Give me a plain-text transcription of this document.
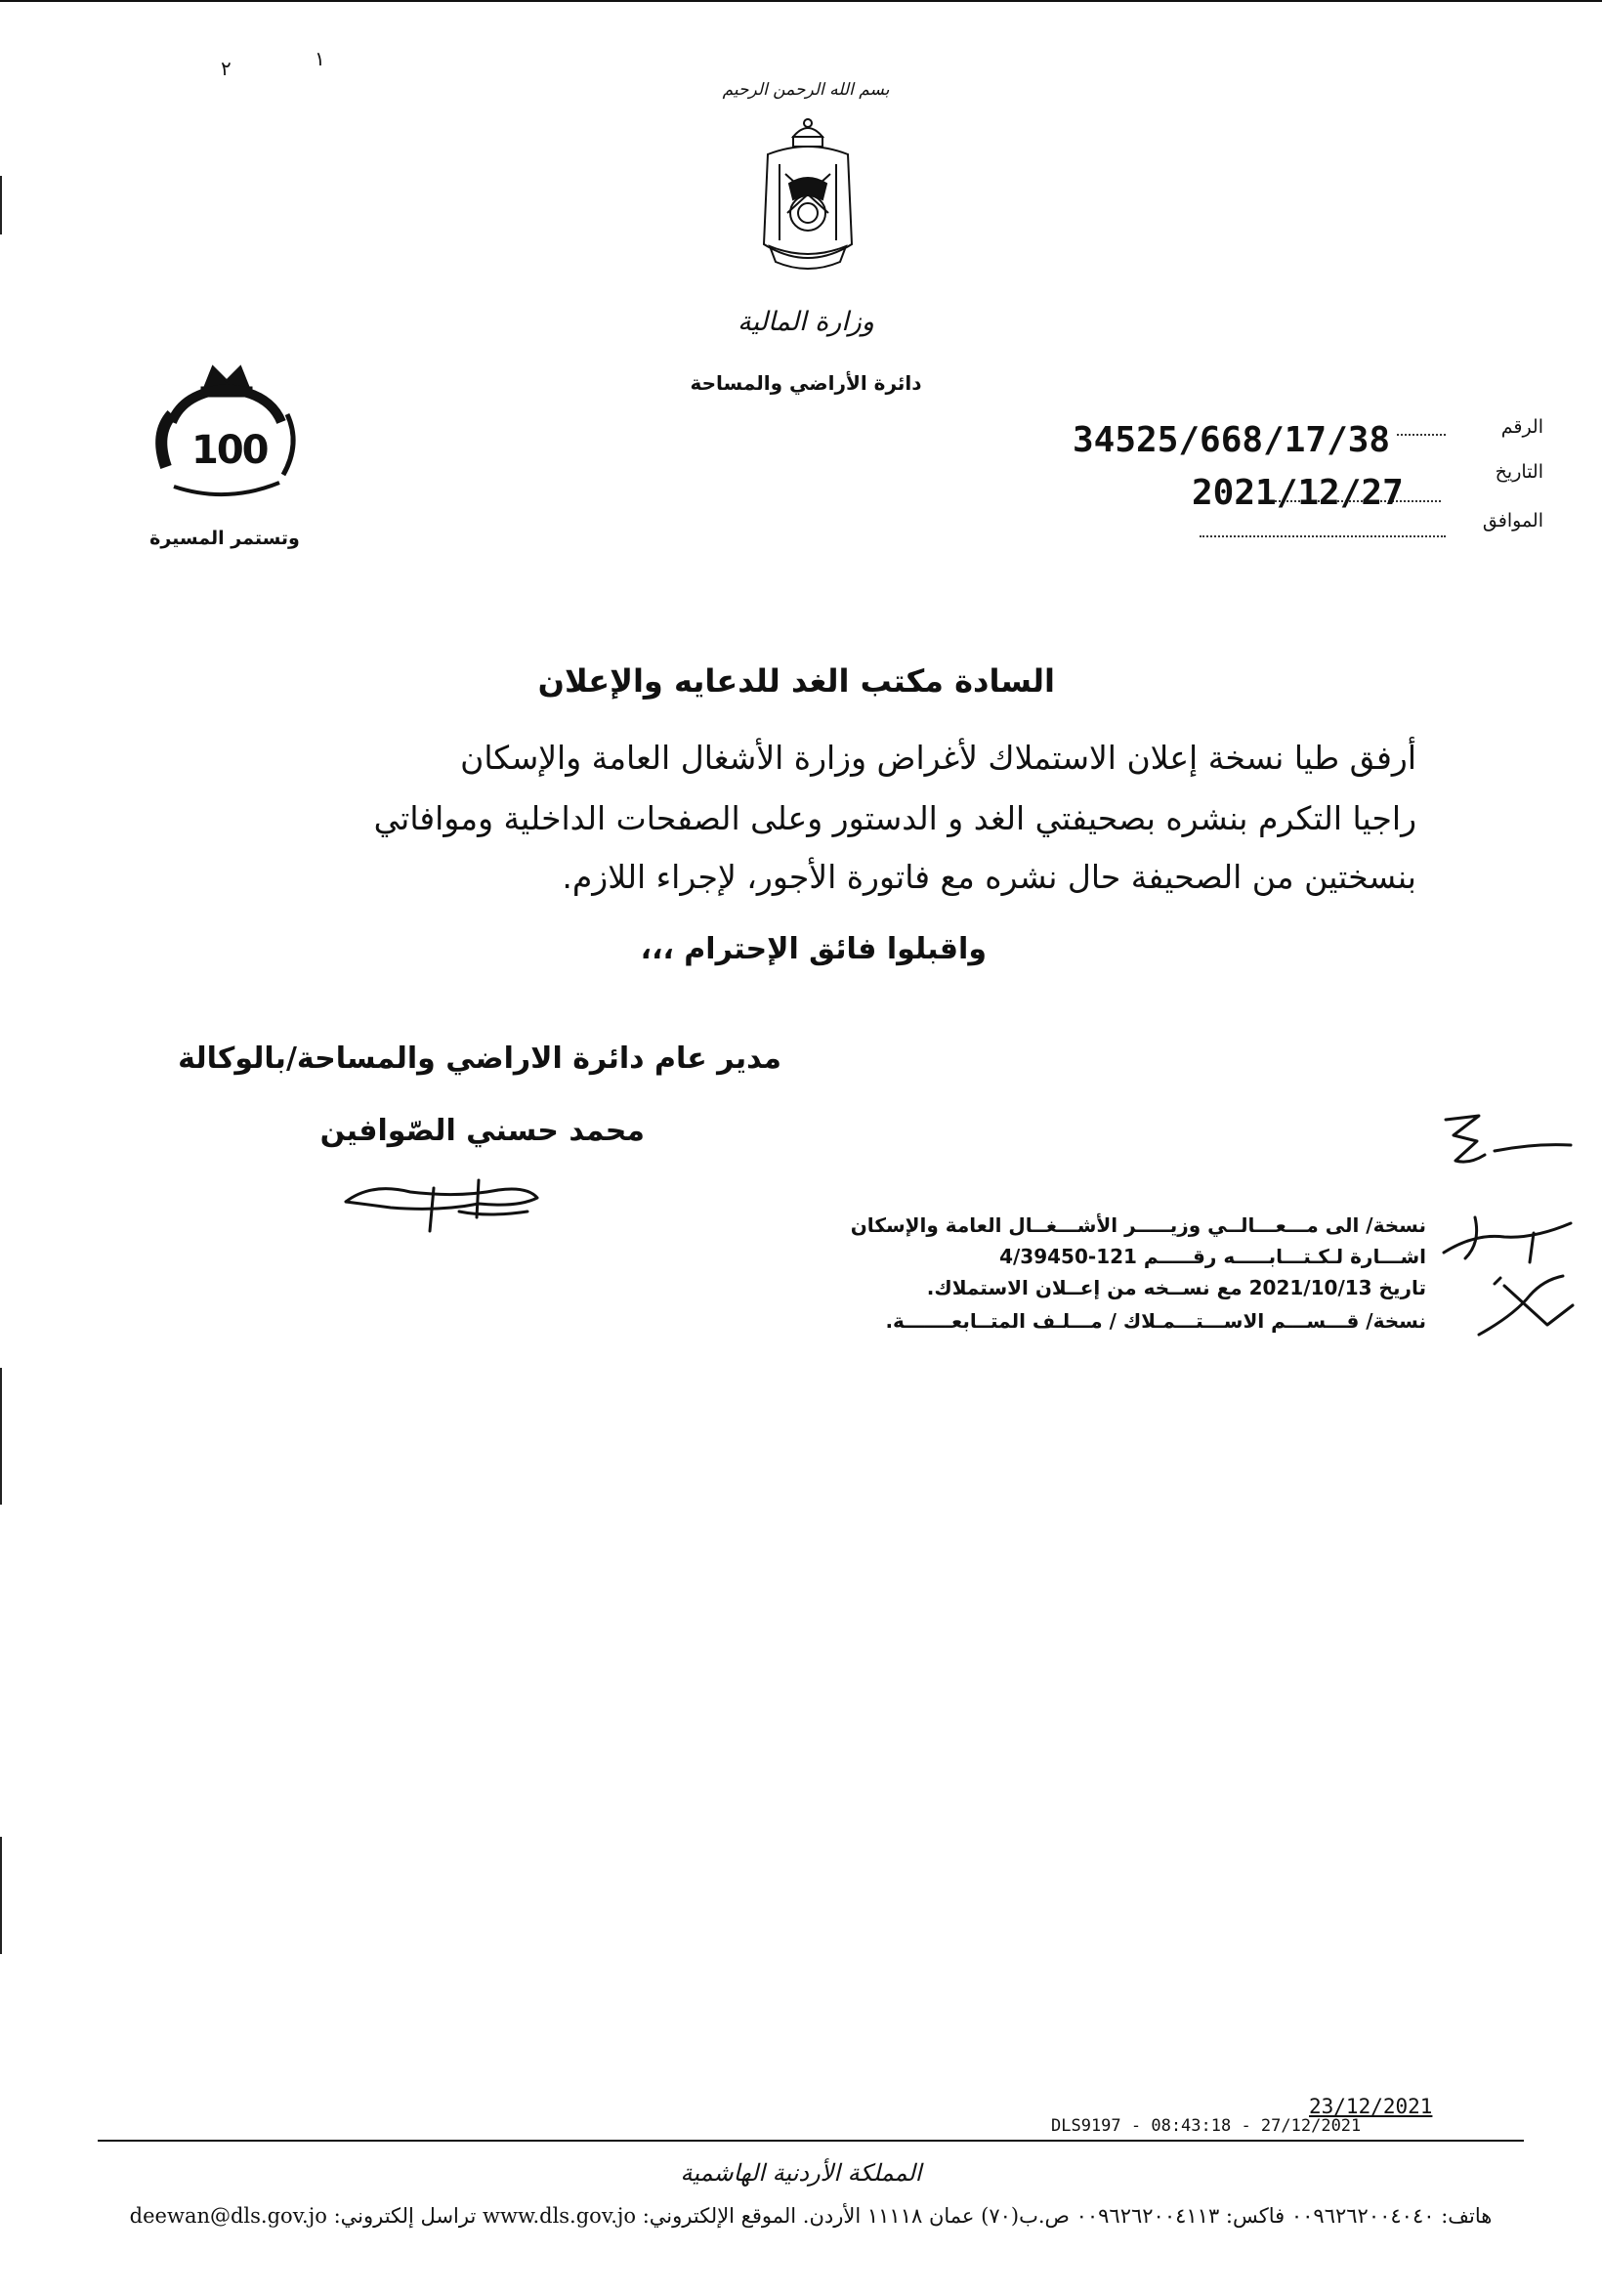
٢	١
بسم الله الرحمن الرحيم
وزارة المالية
دائرة الأراضي والمساحة
100
وتستمر المسيرة
الرقم
34525/668/17/38
التاريخ
2021/12/27
الموافق
السادة مكتب الغد للدعايه والإعلان
أرفق طيا نسخة إعلان الاستملاك لأغراض وزارة الأشغال العامة والإسكان
راجيا التكرم بنشره بصحيفتي الغد و الدستور وعلى الصفحات الداخلية وموافاتي
بنسختين من الصحيفة حال نشره مع فاتورة الأجور، لإجراء اللازم.
واقبلوا فائق الإحترام ،،،
مدير عام دائرة الاراضي والمساحة/بالوكالة
محمد حسني الصّوافين
نسخة/ الى مـــعـــالــي وزيـــــر الأشـــغــال العامة والإسكان
اشـــارة لـكـتـــابـــــه رقـــــم 121-4/39450
تاريخ 2021/10/13 مع نســخه من إعــلان الاستملاك.
نسخة/ قـــســـم الاســـتـــمـلاك / مـــلـف المتــابعـــــــة.
DLS9197 - 08:43:18 - 27/12/2021
23/12/2021
المملكة الأردنية الهاشمية
هاتف: ٠٠٩٦٢٦٢٠٠٤٠٤٠ فاكس: ٠٠٩٦٢٦٢٠٠٤١١٣ ص.ب(٧٠) عمان ١١١١٨ الأردن. الموقع الإلكتروني: www.dls.gov.jo تراسل إلكتروني: deewan@dls.gov.jo
